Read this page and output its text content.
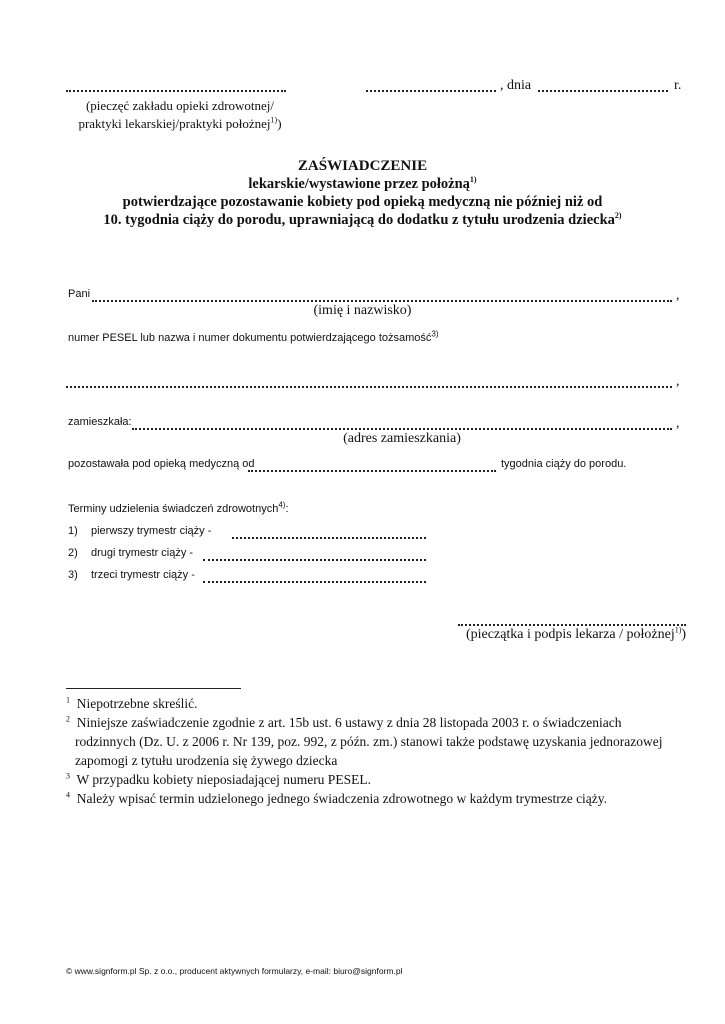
, dnia	r.
(pieczęć zakładu opieki zdrowotnej/
praktyki lekarskiej/praktyki położnej$^{1)}$)
ZAŚWIADCZENIE
lekarskie/wystawione przez położną$^{1)}$
potwierdzające pozostawanie kobiety pod opieką medyczną nie później niż od
10. tygodnia ciąży do porodu, uprawniającą do dodatku z tytułu urodzenia dziecka$^{2)}$
Pani	,
(imię i nazwisko)
numer PESEL lub nazwa i numer dokumentu potwierdzającego tożsamość$^{3)}$
,
zamieszkała:	,
(adres zamieszkania)
pozostawała pod opieką medyczną od	tygodnia ciąży do porodu.
Terminy udzielenia świadczeń zdrowotnych$^{4)}$:
1) pierwszy trymestr ciąży -
2) drugi trymestr ciąży -
3) trzeci trymestr ciąży -
(pieczątka i podpis lekarza / położnej$^{1)}$)
$^1$ Niepotrzebne skreślić.
$^2$ Niniejsze zaświadczenie zgodnie z art. 15b ust. 6 ustawy z dnia 28 listopada 2003 r. o świadczeniach
rodzinnych (Dz. U. z 2006 r. Nr 139, poz. 992, z późn. zm.) stanowi także podstawę uzyskania jednorazowej
zapomogi z tytułu urodzenia się żywego dziecka
$^3$ W przypadku kobiety nieposiadającej numeru PESEL.
$^4$ Należy wpisać termin udzielonego jednego świadczenia zdrowotnego w każdym trymestrze ciąży.
© www.signform.pl Sp. z o.o., producent aktywnych formularzy, e-mail: biuro@signform.pl
